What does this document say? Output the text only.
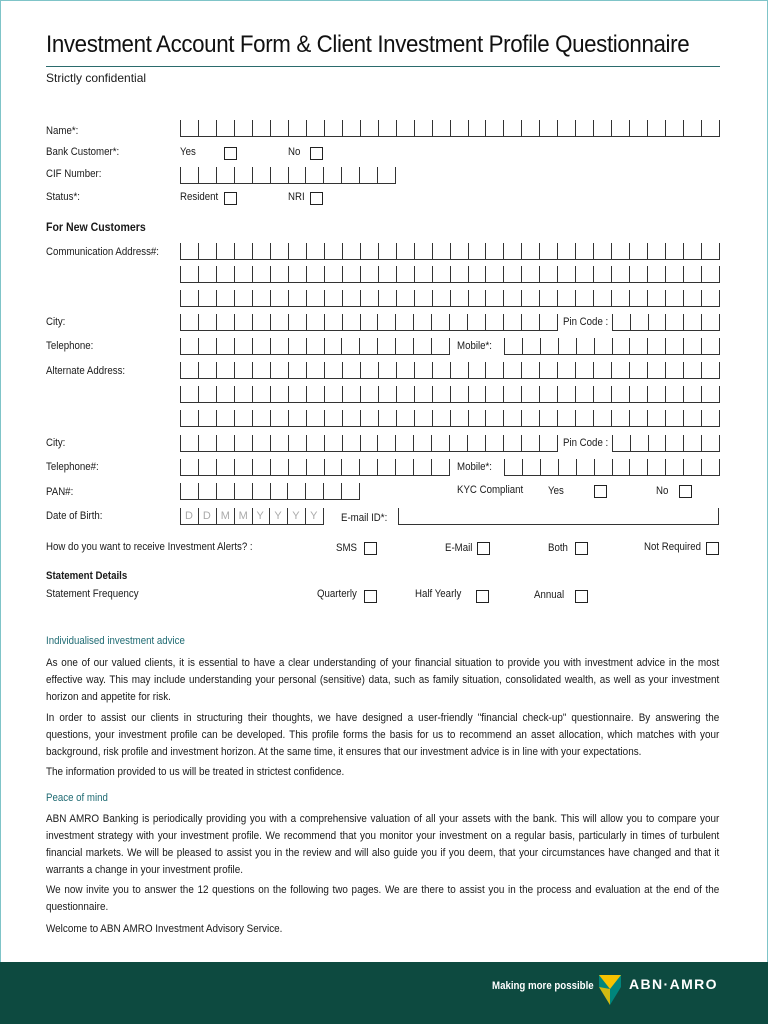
Investment Account Form & Client Investment Profile Questionnaire
Strictly confidential
Name*:
Bank Customer*:	Yes	No
CIF Number:
Status*:	Resident	NRI
For New Customers
Communication Address#:
City:	Pin Code :
Telephone:	Mobile*:
Alternate Address:
City:	Pin Code :
Telephone#:	Mobile*:
PAN#:	KYC Compliant Yes	No
Date of Birth:	D D M M Y Y Y Y E-mail ID*:
How do you want to receive Investment Alerts? :	SMS	E-Mail	Both	Not Required
Statement Details
Statement Frequency	Quarterly	Half Yearly	Annual
Individualised investment advice

As one of our valued clients, it is essential to have a clear understanding of your financial situation to provide you with investment advice in the most effective way. This may include understanding your personal (sensitive) data, such as family situation, consolidated wealth, as well as your investment horizon and appetite for risk.

In order to assist our clients in structuring their thoughts, we have designed a user-friendly "financial check-up" questionnaire. By answering the questions, your investment profile can be developed. This profile forms the basis for us to recommend an asset allocation, which matches with your background, risk profile and investment horizon. At the same time, it ensures that our investment advice is in line with your expectations.

The information provided to us will be treated in strictest confidence.

Peace of mind

ABN AMRO Banking is periodically providing you with a comprehensive valuation of all your assets with the bank. This will allow you to compare your investment strategy with your investment profile. We recommend that you monitor your investment on a regular basis, particularly in times of turbulent financial markets. We will be pleased to assist you in the review and will also guide you if you deem, that your circumstances have changed and that it warrants a change in your investment profile.

We now invite you to answer the 12 questions on the following two pages. We are there to assist you in the process and evaluation at the end of the questionnaire.

Welcome to ABN AMRO Investment Advisory Service.

Making more possible	ABN·AMRO
